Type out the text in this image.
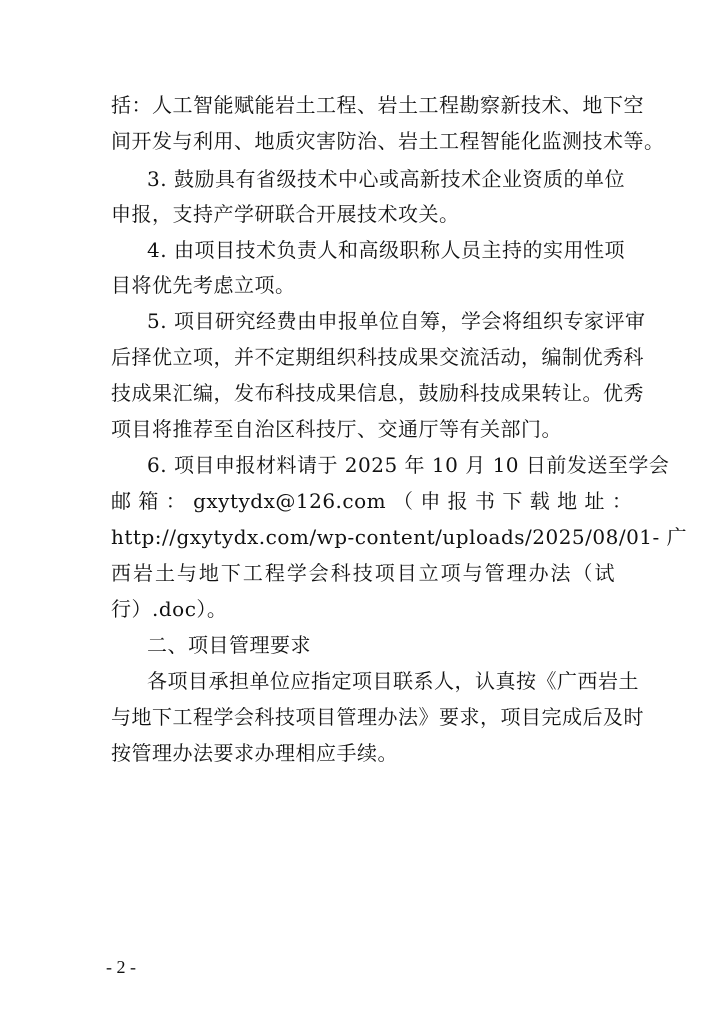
括：人工智能赋能岩土工程、岩土工程勘察新技术、地下空
间开发与利用、地质灾害防治、岩土工程智能化监测技术等。
3. 鼓励具有省级技术中心或高新技术企业资质的单位
申报，支持产学研联合开展技术攻关。
4. 由项目技术负责人和高级职称人员主持的实用性项
目将优先考虑立项。
5. 项目研究经费由申报单位自筹，学会将组织专家评审
后择优立项，并不定期组织科技成果交流活动，编制优秀科
技成果汇编，发布科技成果信息，鼓励科技成果转让。优秀
项目将推荐至自治区科技厅、交通厅等有关部门。
6. 项目申报材料请于 2025 年 10 月 10 日前发送至学会
邮 箱 ： gxytydx@126.com （ 申 报 书 下 载 地 址 ：
http://gxytydx.com/wp-content/uploads/2025/08/01- 广
西岩土与地下工程学会科技项目立项与管理办法（试
行）.doc）。
二、项目管理要求
各项目承担单位应指定项目联系人，认真按《广西岩土
与地下工程学会科技项目管理办法》要求，项目完成后及时
按管理办法要求办理相应手续。
- 2 -
